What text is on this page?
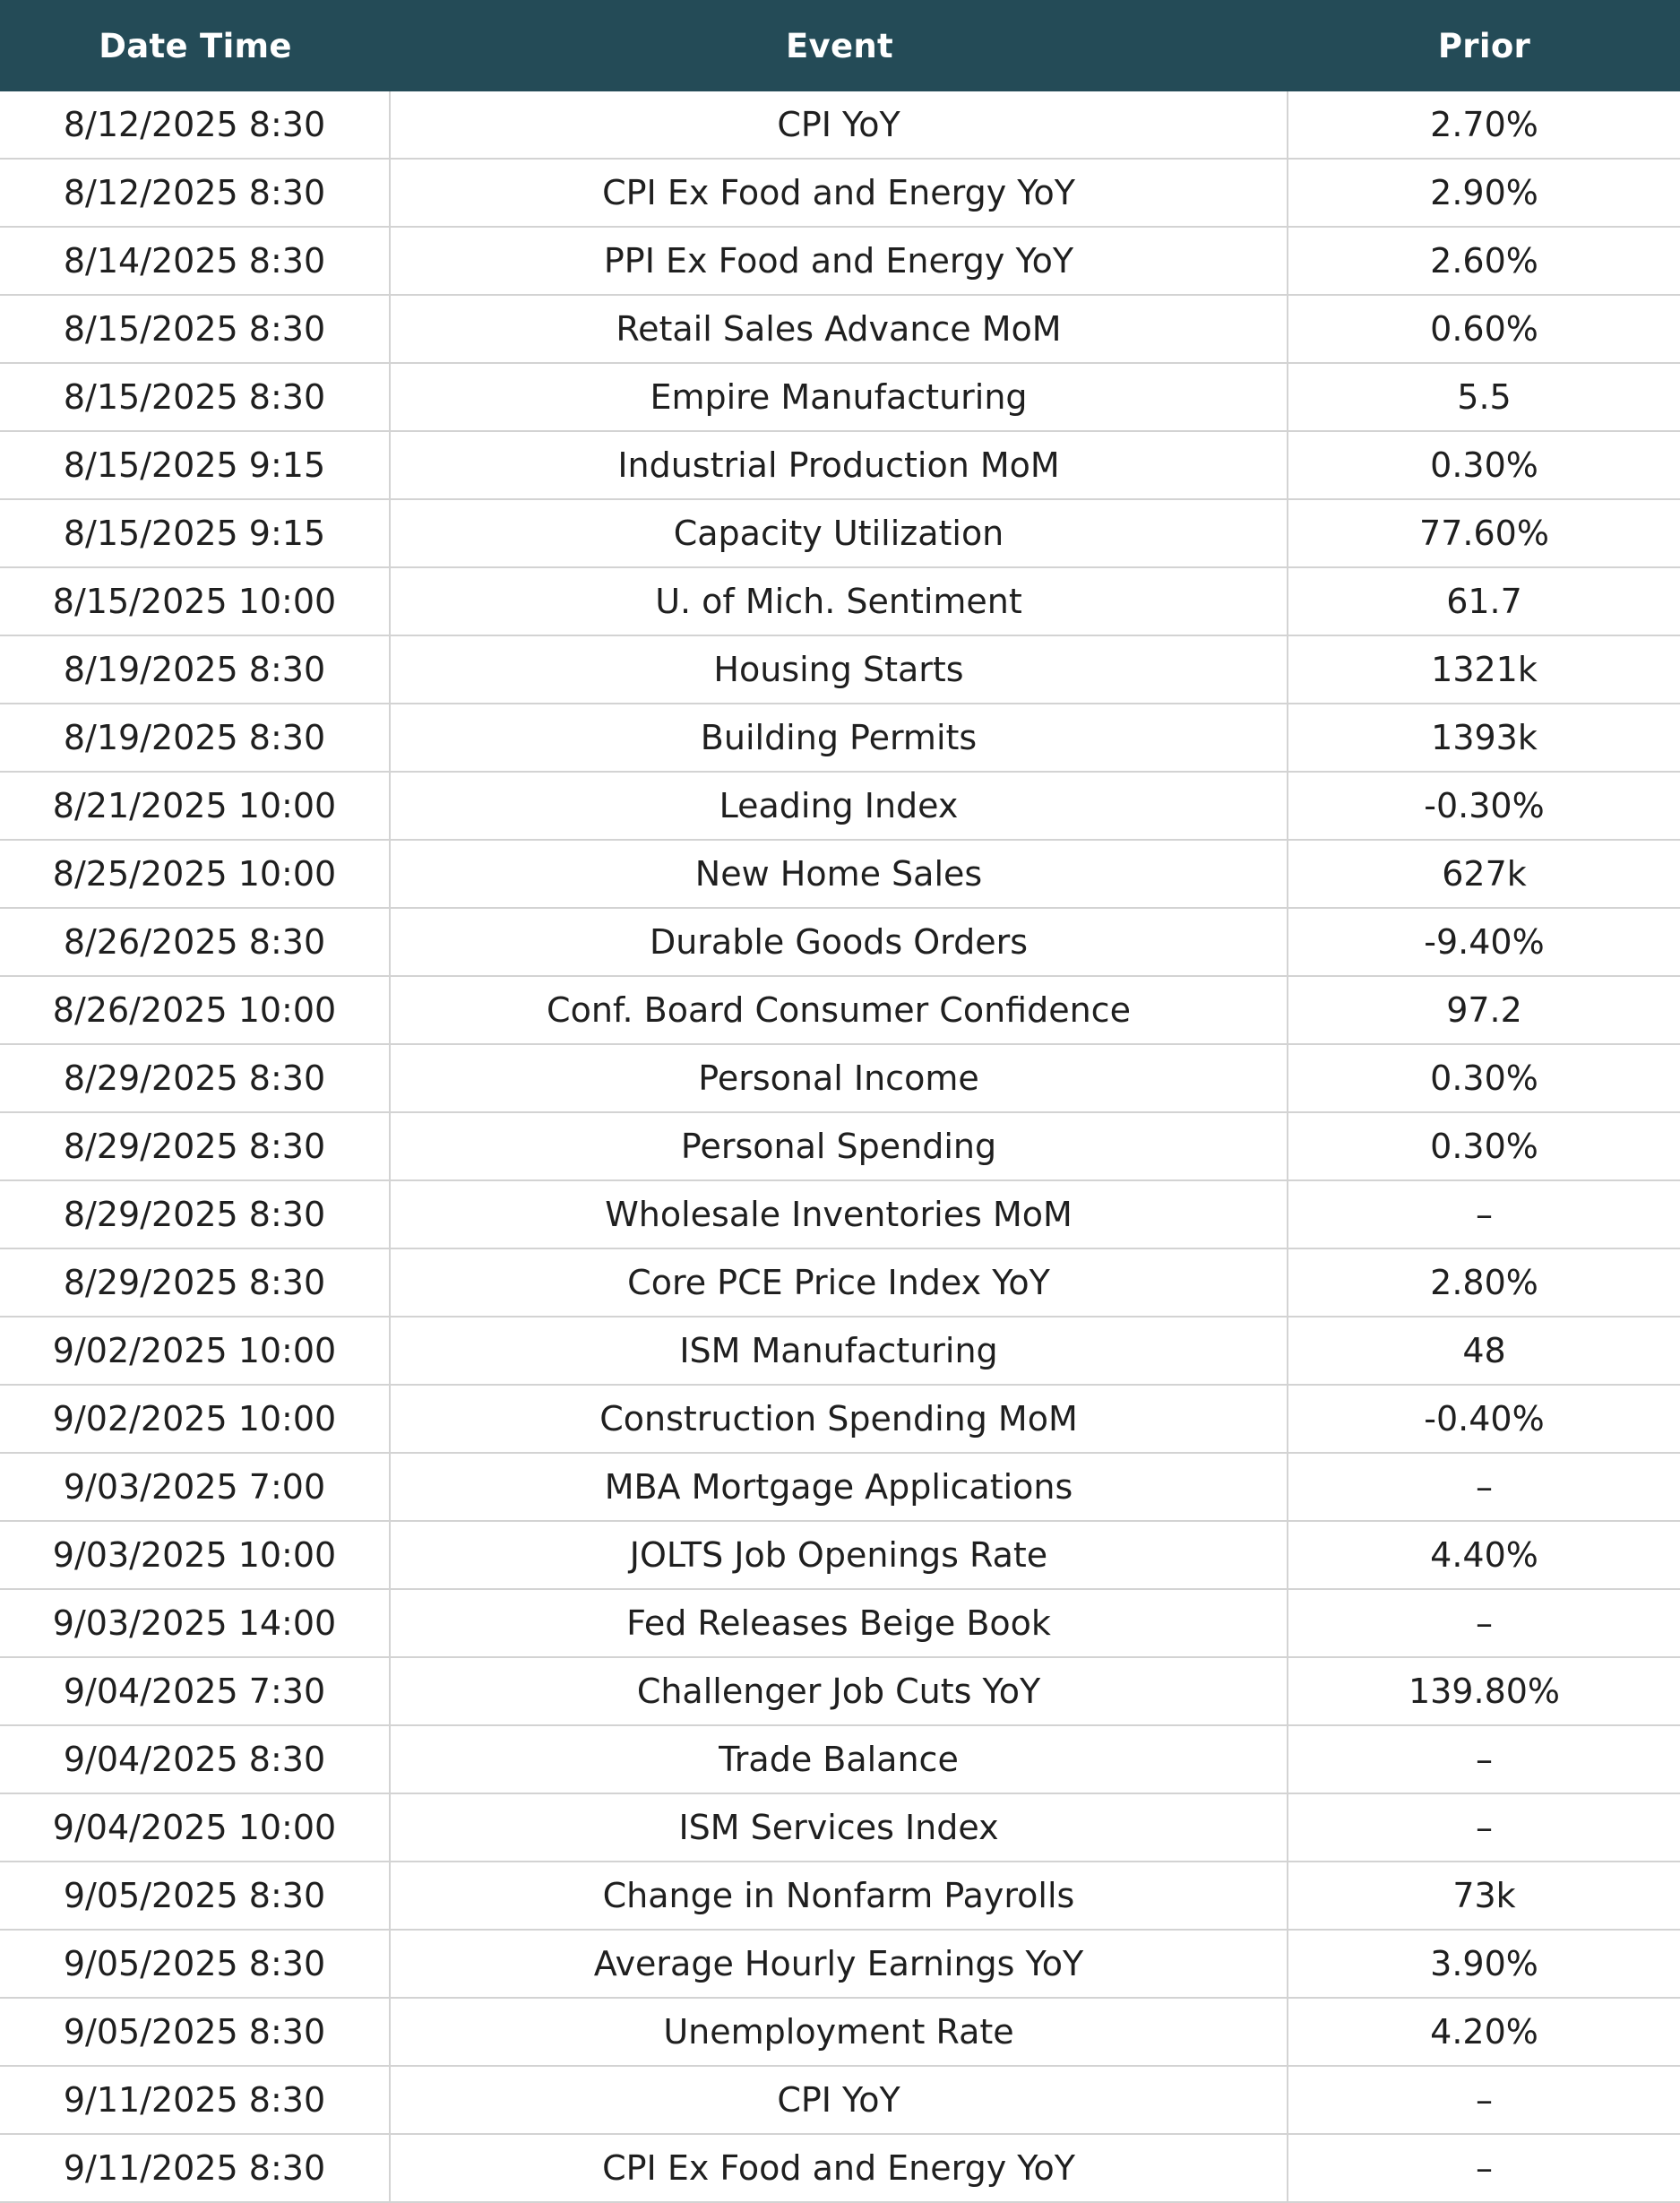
Date Time	Event	Prior
8/12/2025 8:30	CPI YoY	2.70%
8/12/2025 8:30	CPI Ex Food and Energy YoY	2.90%
8/14/2025 8:30	PPI Ex Food and Energy YoY	2.60%
8/15/2025 8:30	Retail Sales Advance MoM	0.60%
8/15/2025 8:30	Empire Manufacturing	5.5
8/15/2025 9:15	Industrial Production MoM	0.30%
8/15/2025 9:15	Capacity Utilization	77.60%
8/15/2025 10:00	U. of Mich. Sentiment	61.7
8/19/2025 8:30	Housing Starts	1321k
8/19/2025 8:30	Building Permits	1393k
8/21/2025 10:00	Leading Index	-0.30%
8/25/2025 10:00	New Home Sales	627k
8/26/2025 8:30	Durable Goods Orders	-9.40%
8/26/2025 10:00	Conf. Board Consumer Confidence	97.2
8/29/2025 8:30	Personal Income	0.30%
8/29/2025 8:30	Personal Spending	0.30%
8/29/2025 8:30	Wholesale Inventories MoM	–
8/29/2025 8:30	Core PCE Price Index YoY	2.80%
9/02/2025 10:00	ISM Manufacturing	48
9/02/2025 10:00	Construction Spending MoM	-0.40%
9/03/2025 7:00	MBA Mortgage Applications	–
9/03/2025 10:00	JOLTS Job Openings Rate	4.40%
9/03/2025 14:00	Fed Releases Beige Book	–
9/04/2025 7:30	Challenger Job Cuts YoY	139.80%
9/04/2025 8:30	Trade Balance	–
9/04/2025 10:00	ISM Services Index	–
9/05/2025 8:30	Change in Nonfarm Payrolls	73k
9/05/2025 8:30	Average Hourly Earnings YoY	3.90%
9/05/2025 8:30	Unemployment Rate	4.20%
9/11/2025 8:30	CPI YoY	–
9/11/2025 8:30	CPI Ex Food and Energy YoY	–
